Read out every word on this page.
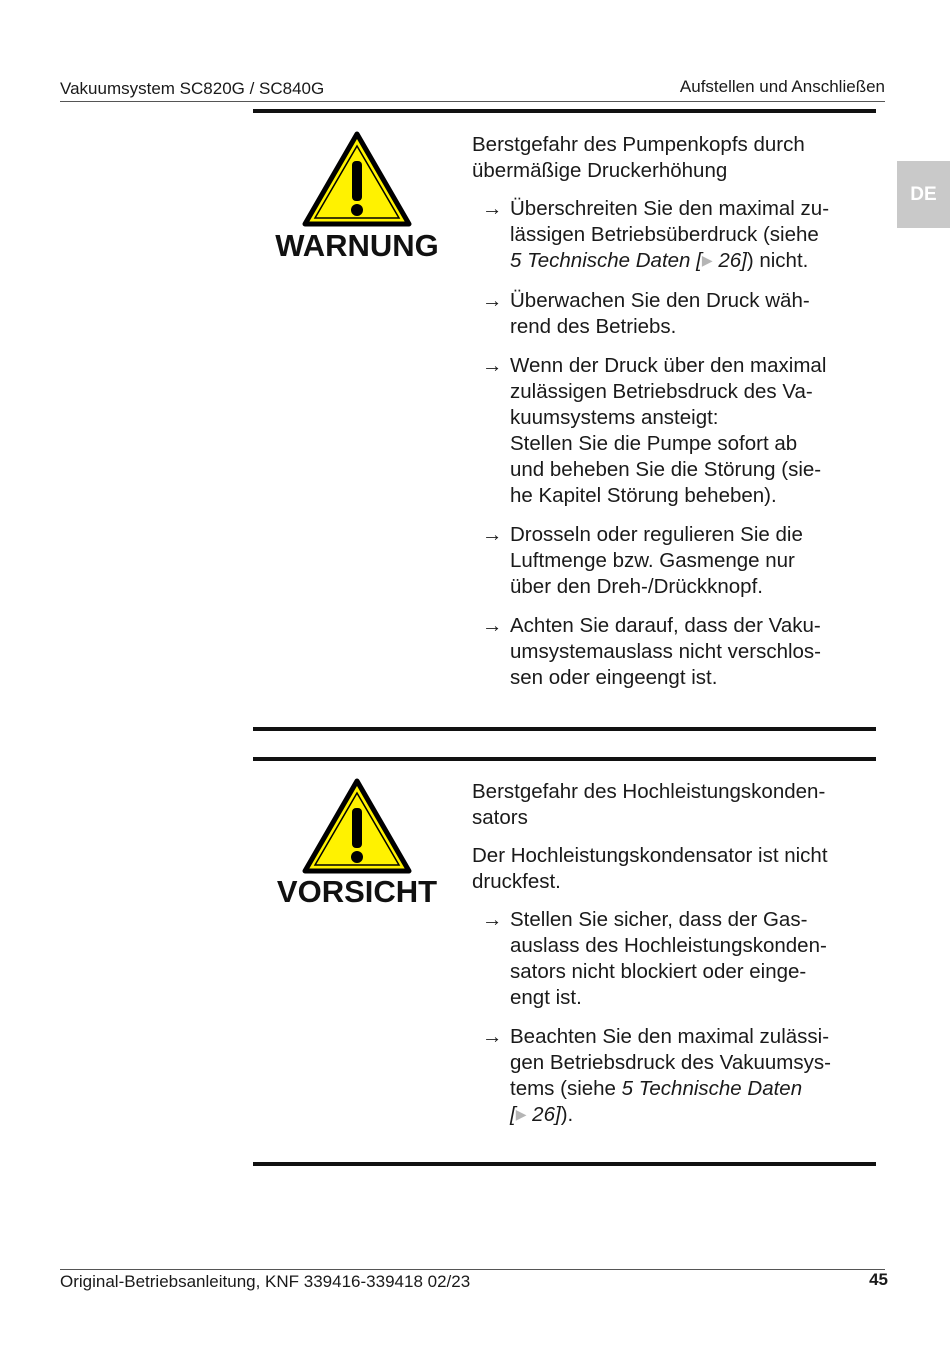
Vakuumsystem SC820G / SC840G	Aufstellen und Anschließen
DE
WARNUNG
Berstgefahr des Pumpenkopfs durch
übermäßige Druckerhöhung
→ Überschreiten Sie den maximal zu-
lässigen Betriebsüberdruck (siehe
5 Technische Daten [▶ 26]) nicht.
→ Überwachen Sie den Druck wäh-
rend des Betriebs.
→ Wenn der Druck über den maximal
zulässigen Betriebsdruck des Va-
kuumsystems ansteigt:
Stellen Sie die Pumpe sofort ab
und beheben Sie die Störung (sie-
he Kapitel Störung beheben).
→ Drosseln oder regulieren Sie die
Luftmenge bzw. Gasmenge nur
über den Dreh-/Drückknopf.
→ Achten Sie darauf, dass der Vaku-
umsystemauslass nicht verschlos-
sen oder eingeengt ist.
VORSICHT
Berstgefahr des Hochleistungskonden-
sators
Der Hochleistungskondensator ist nicht
druckfest.
→ Stellen Sie sicher, dass der Gas-
auslass des Hochleistungskonden-
sators nicht blockiert oder einge-
engt ist.
→ Beachten Sie den maximal zulässi-
gen Betriebsdruck des Vakuumsys-
tems (siehe 5 Technische Daten
[▶ 26]).
Original-Betriebsanleitung, KNF 339416-339418 02/23	45
